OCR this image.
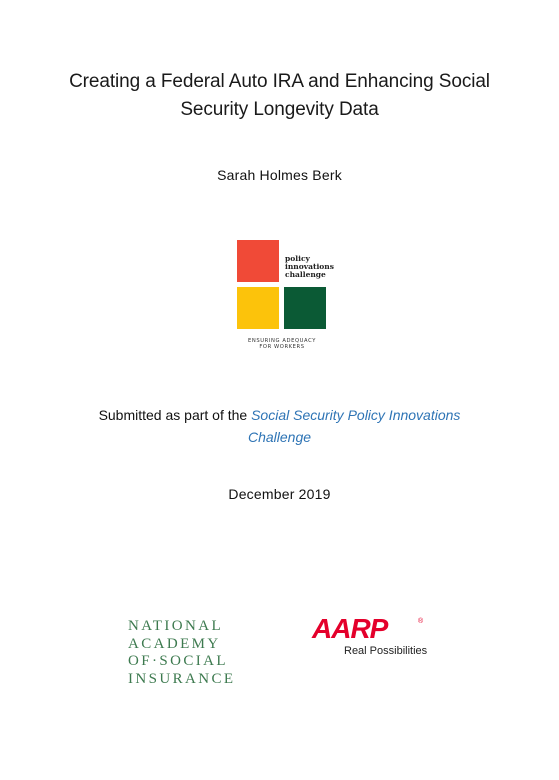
Creating a Federal Auto IRA and Enhancing Social
Security Longevity Data
Sarah Holmes Berk
policy
innovations
challenge
ENSURING ADEQUACY
FOR WORKERS
Submitted as part of the Social Security Policy Innovations
Challenge
December 2019
NATIONAL
ACADEMY
OF·SOCIAL
INSURANCE
AARP	®
Real Possibilities
